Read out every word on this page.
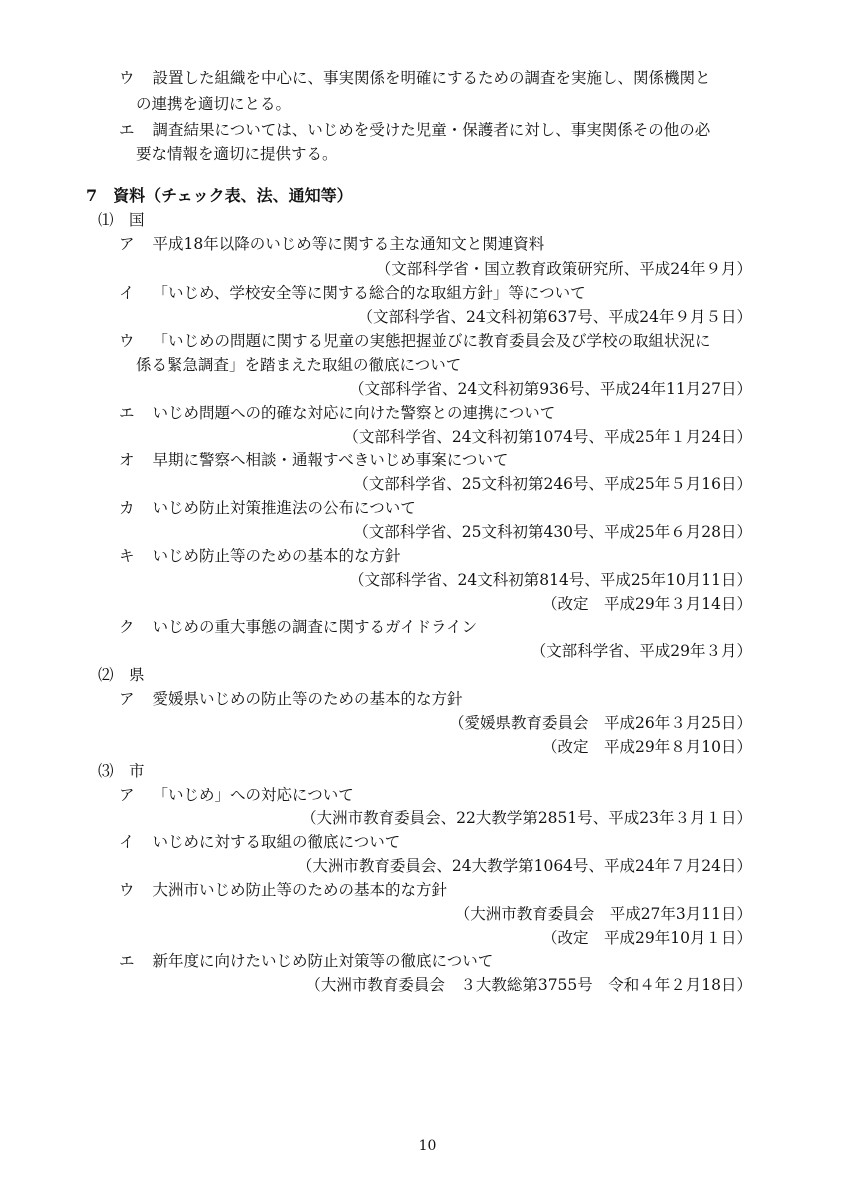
ウ 設置した組織を中心に、事実関係を明確にするための調査を実施し、関係機関と
の連携を適切にとる。
エ 調査結果については、いじめを受けた児童・保護者に対し、事実関係その他の必
要な情報を適切に提供する。
7 資料（チェック表、法、通知等）
⑴　国
ア 平成18年以降のいじめ等に関する主な通知文と関連資料
（文部科学省・国立教育政策研究所、平成24年９月）
イ 「いじめ、学校安全等に関する総合的な取組方針」等について
（文部科学省、24文科初第637号、平成24年９月５日）
ウ 「いじめの問題に関する児童の実態把握並びに教育委員会及び学校の取組状況に
係る緊急調査」を踏まえた取組の徹底について
（文部科学省、24文科初第936号、平成24年11月27日）
エ いじめ問題への的確な対応に向けた警察との連携について
（文部科学省、24文科初第1074号、平成25年１月24日）
オ 早期に警察へ相談・通報すべきいじめ事案について
（文部科学省、25文科初第246号、平成25年５月16日）
カ いじめ防止対策推進法の公布について
（文部科学省、25文科初第430号、平成25年６月28日）
キ いじめ防止等のための基本的な方針
（文部科学省、24文科初第814号、平成25年10月11日）
（改定　平成29年３月14日）
ク いじめの重大事態の調査に関するガイドライン
（文部科学省、平成29年３月）
⑵　県
ア 愛媛県いじめの防止等のための基本的な方針
（愛媛県教育委員会　平成26年３月25日）
（改定　平成29年８月10日）
⑶　市
ア 「いじめ」への対応について
（大洲市教育委員会、22大教学第2851号、平成23年３月１日）
イ いじめに対する取組の徹底について
（大洲市教育委員会、24大教学第1064号、平成24年７月24日）
ウ 大洲市いじめ防止等のための基本的な方針
（大洲市教育委員会　平成27年3月11日）
（改定　平成29年10月１日）
エ 新年度に向けたいじめ防止対策等の徹底について
（大洲市教育委員会　３大教総第3755号　令和４年２月18日）
10
